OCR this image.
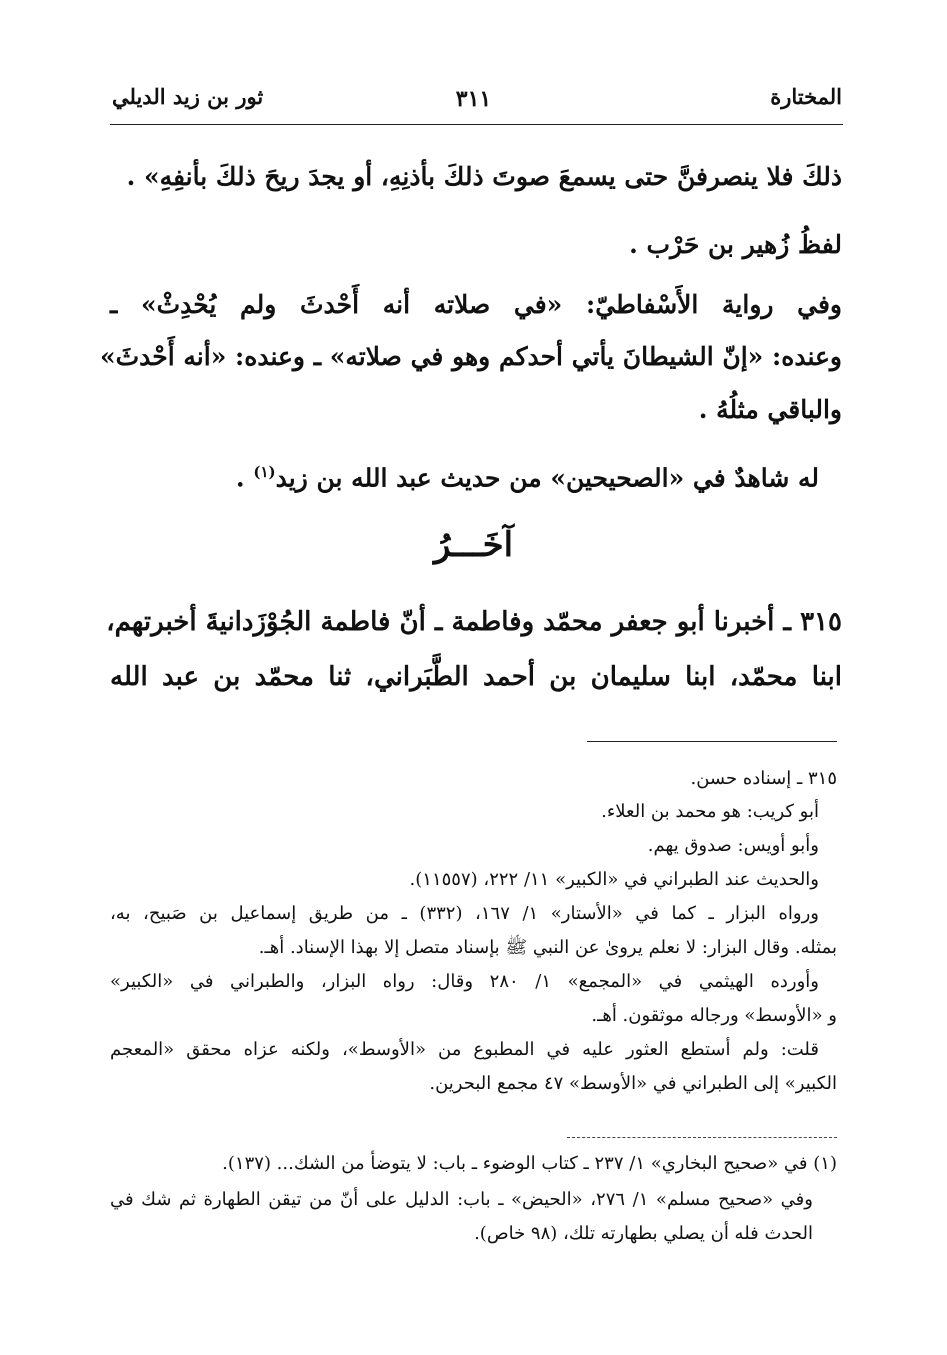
المختارة
٣١١
ثور بن زيد الديلي
ذلكَ فلا ينصرفنَّ حتى يسمعَ صوتَ ذلكَ بأذنِهِ، أو يجدَ ريحَ ذلكَ بأنفِهِ» .
لفظُ زُهير بن حَرْب .
وفي رواية الأَسْفاطيّ: «في صلاته أنه أَحْدثَ ولم يُحْدِثْ» ـ
وعنده: «إنّ الشيطانَ يأتي أحدكم وهو في صلاته» ـ وعنده: «أنه أَحْدثَ»
والباقي مثلُهُ .
له شاهدٌ في «الصحيحين» من حديث عبد الله بن زيد$^{(١)}$ .
آخَـــرُ
٣١٥ ـ أخبرنا أبو جعفر محمّد وفاطمة ـ أنّ فاطمة الجُوْزَدانيةَ أخبرتهم،
ابنا محمّد، ابنا سليمان بن أحمد الطَّبَراني، ثنا محمّد بن عبد الله
٣١٥ ـ إسناده حسن.
أبو كريب: هو محمد بن العلاء.
وأبو أويس: صدوق يهم.
والحديث عند الطبراني في «الكبير» ١١/ ٢٢٢، (١١٥٥٧).
ورواه البزار ـ كما في «الأستار» ١/ ١٦٧، (٣٣٢) ـ من طريق إسماعيل بن صَبيح، به،
بمثله. وقال البزار: لا نعلم يروىٰ عن النبي ﷺ بإسناد متصل إلا بهذا الإسناد. أهـ.
وأورده الهيثمي في «المجمع» ١/ ٢٨٠ وقال: رواه البزار، والطبراني في «الكبير»
و «الأوسط» ورجاله موثقون. أهـ.
قلت: ولم أستطع العثور عليه في المطبوع من «الأوسط»، ولكنه عزاه محقق «المعجم
الكبير» إلى الطبراني في «الأوسط» ٤٧ مجمع البحرين.
(١) في «صحيح البخاري» ١/ ٢٣٧ ـ كتاب الوضوء ـ باب: لا يتوضأ من الشك... (١٣٧).
وفي «صحيح مسلم» ١/ ٢٧٦، «الحيض» ـ باب: الدليل على أنّ من تيقن الطهارة ثم شك في
الحدث فله أن يصلي بطهارته تلك، (٩٨ خاص).
